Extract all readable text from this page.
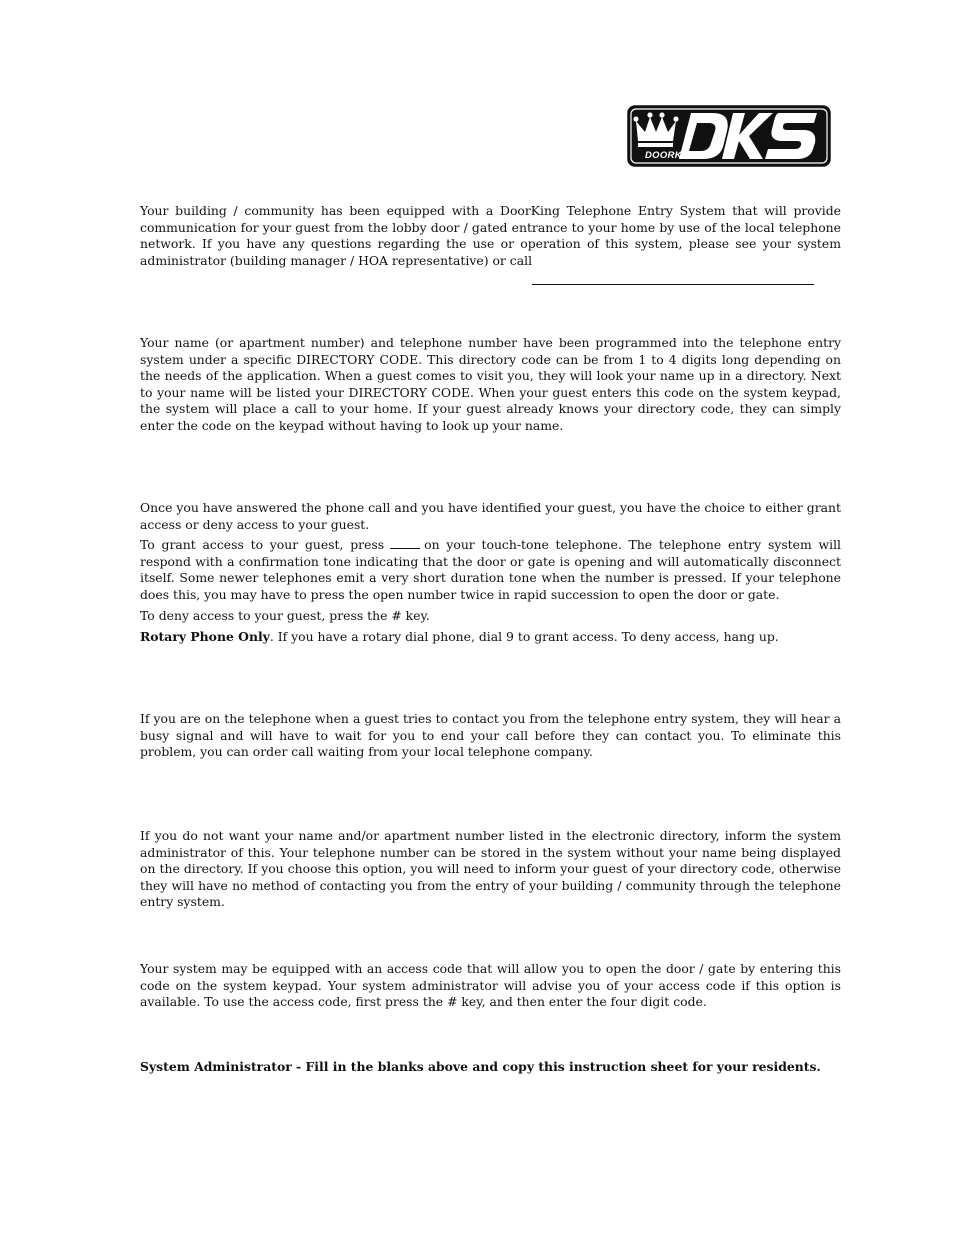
DOORKING

Your building / community has been equipped with a DoorKing Telephone Entry System that will provide communication for your guest from the lobby door / gated entrance to your home by use of the local telephone network. If you have any questions regarding the use or operation of this system, please see your system administrator (building manager / HOA representative) or call

Your name (or apartment number) and telephone number have been programmed into the telephone entry system under a specific DIRECTORY CODE. This directory code can be from 1 to 4 digits long depending on the needs of the application. When a guest comes to visit you, they will look your name up in a directory. Next to your name will be listed your DIRECTORY CODE. When your guest enters this code on the system keypad, the system will place a call to your home. If your guest already knows your directory code, they can simply enter the code on the keypad without having to look up your name.

Once you have answered the phone call and you have identified your guest, you have the choice to either grant access or deny access to your guest.

To grant access to your guest, press	on your touch-tone telephone. The telephone entry system will respond with a confirmation tone indicating that the door or gate is opening and will automatically disconnect itself. Some newer telephones emit a very short duration tone when the number is pressed. If your telephone does this, you may have to press the open number twice in rapid succession to open the door or gate.

To deny access to your guest, press the # key.

Rotary Phone Only. If you have a rotary dial phone, dial 9 to grant access. To deny access, hang up.

If you are on the telephone when a guest tries to contact you from the telephone entry system, they will hear a busy signal and will have to wait for you to end your call before they can contact you. To eliminate this problem, you can order call waiting from your local telephone company.

If you do not want your name and/or apartment number listed in the electronic directory, inform the system administrator of this. Your telephone number can be stored in the system without your name being displayed on the directory. If you choose this option, you will need to inform your guest of your directory code, otherwise they will have no method of contacting you from the entry of your building / community through the telephone entry system.

Your system may be equipped with an access code that will allow you to open the door / gate by entering this code on the system keypad. Your system administrator will advise you of your access code if this option is available. To use the access code, first press the # key, and then enter the four digit code.

System Administrator - Fill in the blanks above and copy this instruction sheet for your residents.
